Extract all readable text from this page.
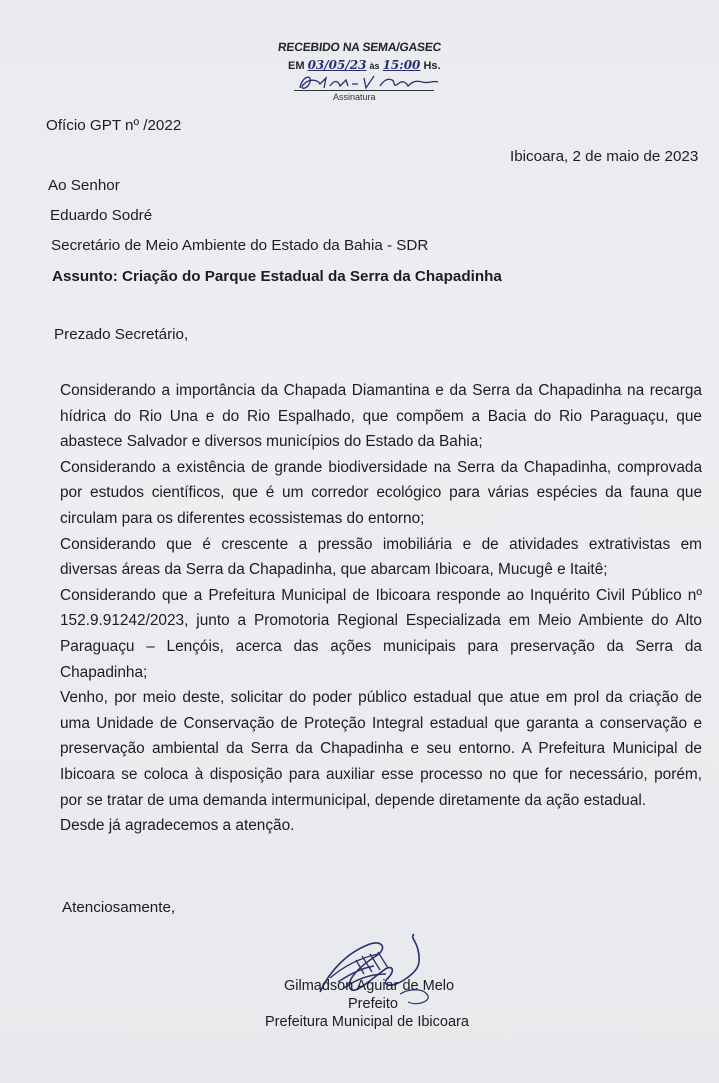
RECEBIDO NA SEMA/GASEC
EM 03/05/23 às 15:00 Hs.
Assinatura
Ofício GPT nº /2022
Ibicoara, 2 de maio de 2023
Ao Senhor
Eduardo Sodré
Secretário de Meio Ambiente do Estado da Bahia - SDR
Assunto: Criação do Parque Estadual da Serra da Chapadinha
Prezado Secretário,
Considerando a importância da Chapada Diamantina e da Serra da Chapadinha na recarga
hídrica do Rio Una e do Rio Espalhado, que compõem a Bacia do Rio Paraguaçu, que
abastece Salvador e diversos municípios do Estado da Bahia;
Considerando a existência de grande biodiversidade na Serra da Chapadinha, comprovada
por estudos científicos, que é um corredor ecológico para várias espécies da fauna que
circulam para os diferentes ecossistemas do entorno;
Considerando que é crescente a pressão imobiliária e de atividades extrativistas em
diversas áreas da Serra da Chapadinha, que abarcam Ibicoara, Mucugê e Itaitê;
Considerando que a Prefeitura Municipal de Ibicoara responde ao Inquérito Civil Público nº
152.9.91242/2023, junto a Promotoria Regional Especializada em Meio Ambiente do Alto
Paraguaçu – Lençóis, acerca das ações municipais para preservação da Serra da
Chapadinha;
Venho, por meio deste, solicitar do poder público estadual que atue em prol da criação de
uma Unidade de Conservação de Proteção Integral estadual que garanta a conservação e
preservação ambiental da Serra da Chapadinha e seu entorno. A Prefeitura Municipal de
Ibicoara se coloca à disposição para auxiliar esse processo no que for necessário, porém,
por se tratar de uma demanda intermunicipal, depende diretamente da ação estadual.
Desde já agradecemos a atenção.
Atenciosamente,
Gilmadson Aguiar de Melo
Prefeito
Prefeitura Municipal de Ibicoara
